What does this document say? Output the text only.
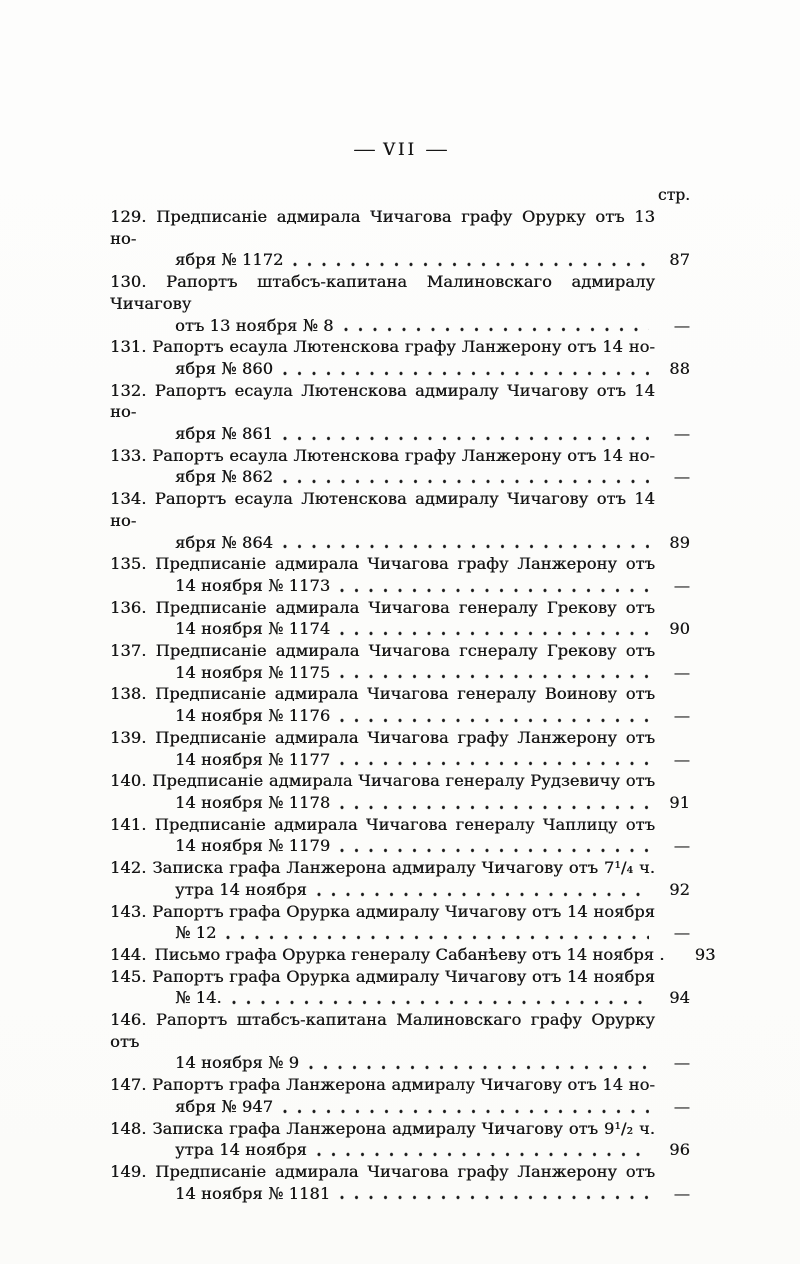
— VII —
стр.
129. Предписаніе адмирала Чичагова графу Орурку отъ 13 но-
ября № 1172	87
130. Рапортъ штабсъ-капитана Малиновскаго адмиралу Чичагову
отъ 13 ноября № 8	—
131. Рапортъ есаула Лютенскова графу Ланжерону отъ 14 но-
ября № 860	88
132. Рапортъ есаула Лютенскова адмиралу Чичагову отъ 14 но-
ября № 861	—
133. Рапортъ есаула Лютенскова графу Ланжерону отъ 14 но-
ября № 862	—
134. Рапортъ есаула Лютенскова адмиралу Чичагову отъ 14 но-
ября № 864	89
135. Предписаніе адмирала Чичагова графу Ланжерону отъ
14 ноября № 1173	—
136. Предписаніе адмирала Чичагова генералу Грекову отъ
14 ноября № 1174	90
137. Предписаніе адмирала Чичагова гснералу Грекову отъ
14 ноября № 1175	—
138. Предписаніе адмирала Чичагова генералу Воинову отъ
14 ноября № 1176	—
139. Предписаніе адмирала Чичагова графу Ланжерону отъ
14 ноября № 1177	—
140. Предписаніе адмирала Чичагова генералу Рудзевичу отъ
14 ноября № 1178	91
141. Предписаніе адмирала Чичагова генералу Чаплицу отъ
14 ноября № 1179	—
142. Записка графа Ланжерона адмиралу Чичагову отъ 7¹/₄ ч.
утра 14 ноября	92
143. Рапортъ графа Орурка адмиралу Чичагову отъ 14 ноября
№ 12	—
144. Письмо графа Орурка генералу Сабанѣеву отъ 14 ноября .	93
145. Рапортъ графа Орурка адмиралу Чичагову отъ 14 ноября
№ 14.	94
146. Рапортъ штабсъ-капитана Малиновскаго графу Орурку отъ
14 ноября № 9	—
147. Рапортъ графа Ланжерона адмиралу Чичагову отъ 14 но-
ября № 947	—
148. Записка графа Ланжерона адмиралу Чичагову отъ 9¹/₂ ч.
утра 14 ноября	96
149. Предписаніе адмирала Чичагова графу Ланжерону отъ
14 ноября № 1181	—
